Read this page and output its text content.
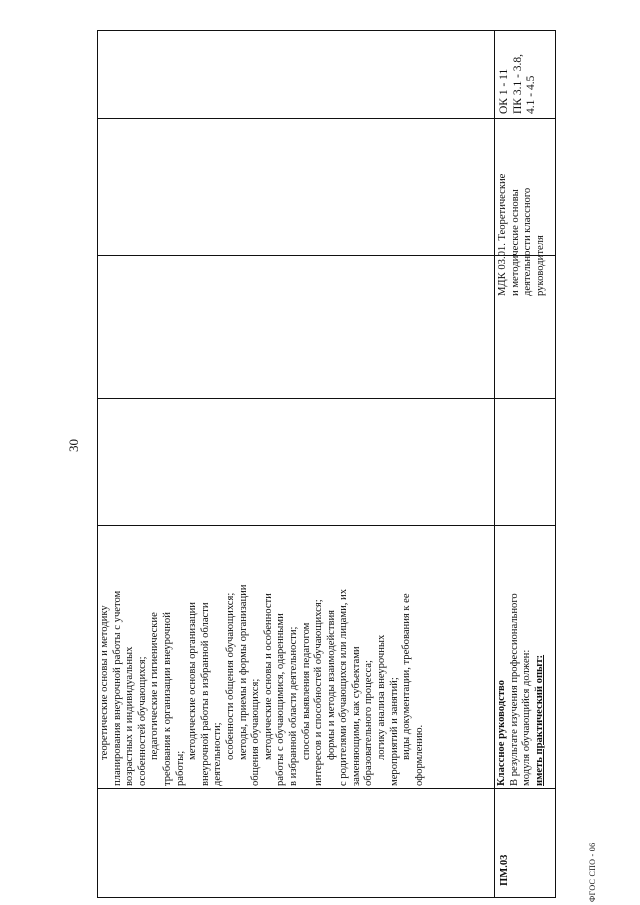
30
ФГОС СПО - 06

теоретические основы и методику планирования внеурочной работы с учетом возрастных и индивидуальных особенностей обучающихся; педагогические и гигиенические требования к организации внеурочной работы;

методические основы организации внеурочной работы в избранной области деятельности; особенности общения обучающихся; методы, приемы и формы организации общения обучающихся; методические основы и особенности работы с обучающимися, одаренными в избранной области деятельности; способы выявления педагогом интересов и способностей обучающихся; формы и методы взаимодействия с родителями обучающихся или лицами, их заменяющими, как субъектами образовательного процесса; логику анализа внеурочных мероприятий и занятий; виды документации, требования к ее оформлению.

ПМ.03

Классное руководство В результате изучения профессионального модуля обучающийся должен: иметь практический опыт:

МДК 03.01. Теоретические и методические основы деятельности классного руководителя

ОК 1 - 11 ПК 3.1 - 3.8, 4.1 - 4.5
